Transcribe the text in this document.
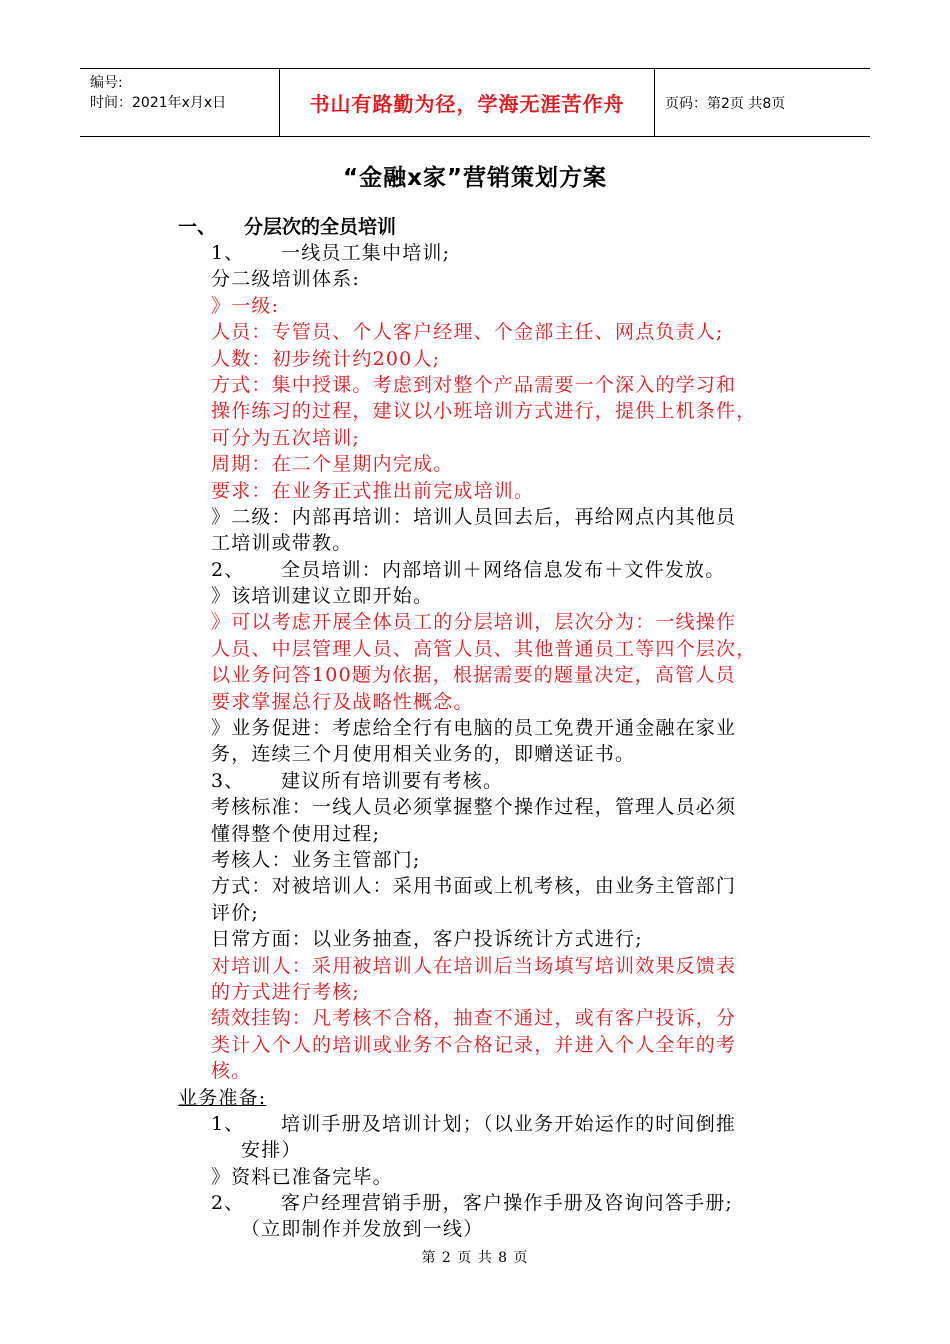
编号:
时间：2021年x月x日	书山有路勤为径，学海无涯苦作舟	页码：第2页 共8页
“金融x家”营销策划方案
一、 分层次的全员培训
1、 一线员工集中培训;
分二级培训体系:
》一级:
人员：专管员、个人客户经理、个金部主任、网点负责人;
人数：初步统计约200人;
方式：集中授课。考虑到对整个产品需要一个深入的学习和
操作练习的过程，建议以小班培训方式进行，提供上机条件，
可分为五次培训;
周期：在二个星期内完成。
要求：在业务正式推出前完成培训。
》二级：内部再培训：培训人员回去后，再给网点内其他员
工培训或带教。
2、 全员培训：内部培训＋网络信息发布＋文件发放。
》该培训建议立即开始。
》可以考虑开展全体员工的分层培训，层次分为：一线操作
人员、中层管理人员、高管人员、其他普通员工等四个层次，
以业务问答100题为依据，根据需要的题量决定，高管人员
要求掌握总行及战略性概念。
》业务促进：考虑给全行有电脑的员工免费开通金融在家业
务，连续三个月使用相关业务的，即赠送证书。
3、 建议所有培训要有考核。
考核标准：一线人员必须掌握整个操作过程，管理人员必须
懂得整个使用过程;
考核人：业务主管部门;
方式：对被培训人：采用书面或上机考核，由业务主管部门
评价;
日常方面：以业务抽查，客户投诉统计方式进行;
对培训人：采用被培训人在培训后当场填写培训效果反馈表
的方式进行考核;
绩效挂钩：凡考核不合格，抽查不通过，或有客户投诉，分
类计入个人的培训或业务不合格记录，并进入个人全年的考
核。
业务准备:
1、 培训手册及培训计划；（以业务开始运作的时间倒推
安排）
》资料已准备完毕。
2、 客户经理营销手册，客户操作手册及咨询问答手册;
（立即制作并发放到一线）
第 2 页 共 8 页
